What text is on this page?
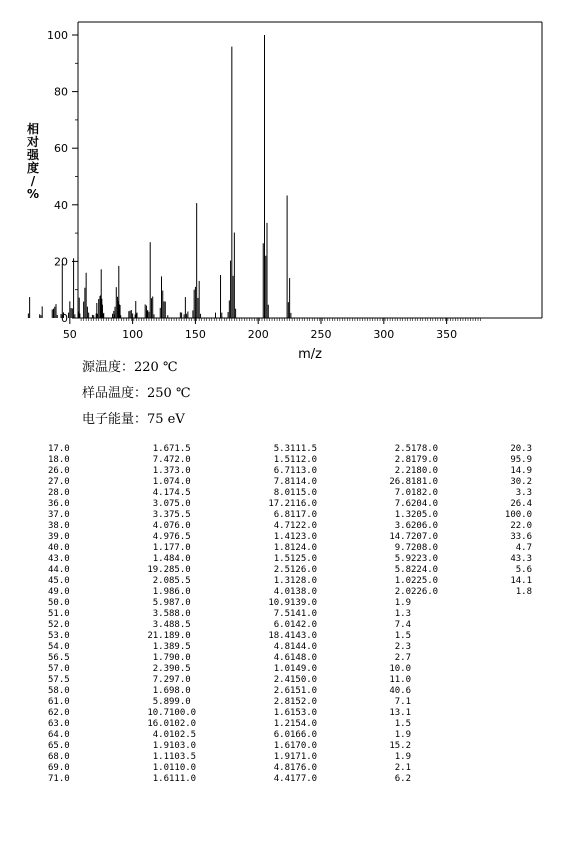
50	100	150	200	250	300	350
0
20
40
60
80
100
m/z
相
对
强
度
/
%
源温度：220 ℃
样品温度：250 ℃
电子能量：75 eV
17.0	1.6	71.5	5.3	111.5	2.5	178.0	20.3
18.0	7.4	72.0	1.5	112.0	2.8	179.0	95.9
26.0	1.3	73.0	6.7	113.0	2.2	180.0	14.9
27.0	1.0	74.0	7.8	114.0	26.8	181.0	30.2
28.0	4.1	74.5	8.0	115.0	7.0	182.0	3.3
36.0	3.0	75.0	17.2	116.0	7.6	204.0	26.4
37.0	3.3	75.5	6.8	117.0	1.3	205.0	100.0
38.0	4.0	76.0	4.7	122.0	3.6	206.0	22.0
39.0	4.9	76.5	1.4	123.0	14.7	207.0	33.6
40.0	1.1	77.0	1.8	124.0	9.7	208.0	4.7
43.0	1.4	84.0	1.5	125.0	5.9	223.0	43.3
44.0	19.2	85.0	2.5	126.0	5.8	224.0	5.6
45.0	2.0	85.5	1.3	128.0	1.0	225.0	14.1
49.0	1.9	86.0	4.0	138.0	2.0	226.0	1.8
50.0	5.9	87.0	10.9	139.0	1.9		
51.0	3.5	88.0	7.5	141.0	1.3		
52.0	3.4	88.5	6.0	142.0	7.4		
53.0	21.1	89.0	18.4	143.0	1.5		
54.0	1.3	89.5	4.8	144.0	2.3		
56.5	1.7	90.0	4.6	148.0	2.7		
57.0	2.3	90.5	1.0	149.0	10.0		
57.5	7.2	97.0	2.4	150.0	11.0		
58.0	1.6	98.0	2.6	151.0	40.6		
61.0	5.8	99.0	2.8	152.0	7.1		
62.0	10.7	100.0	1.6	153.0	13.1		
63.0	16.0	102.0	1.2	154.0	1.5		
64.0	4.0	102.5	6.0	166.0	1.9		
65.0	1.9	103.0	1.6	170.0	15.2		
68.0	1.1	103.5	1.9	171.0	1.9		
69.0	1.0	110.0	4.8	176.0	2.1		
71.0	1.6	111.0	4.4	177.0	6.2		
